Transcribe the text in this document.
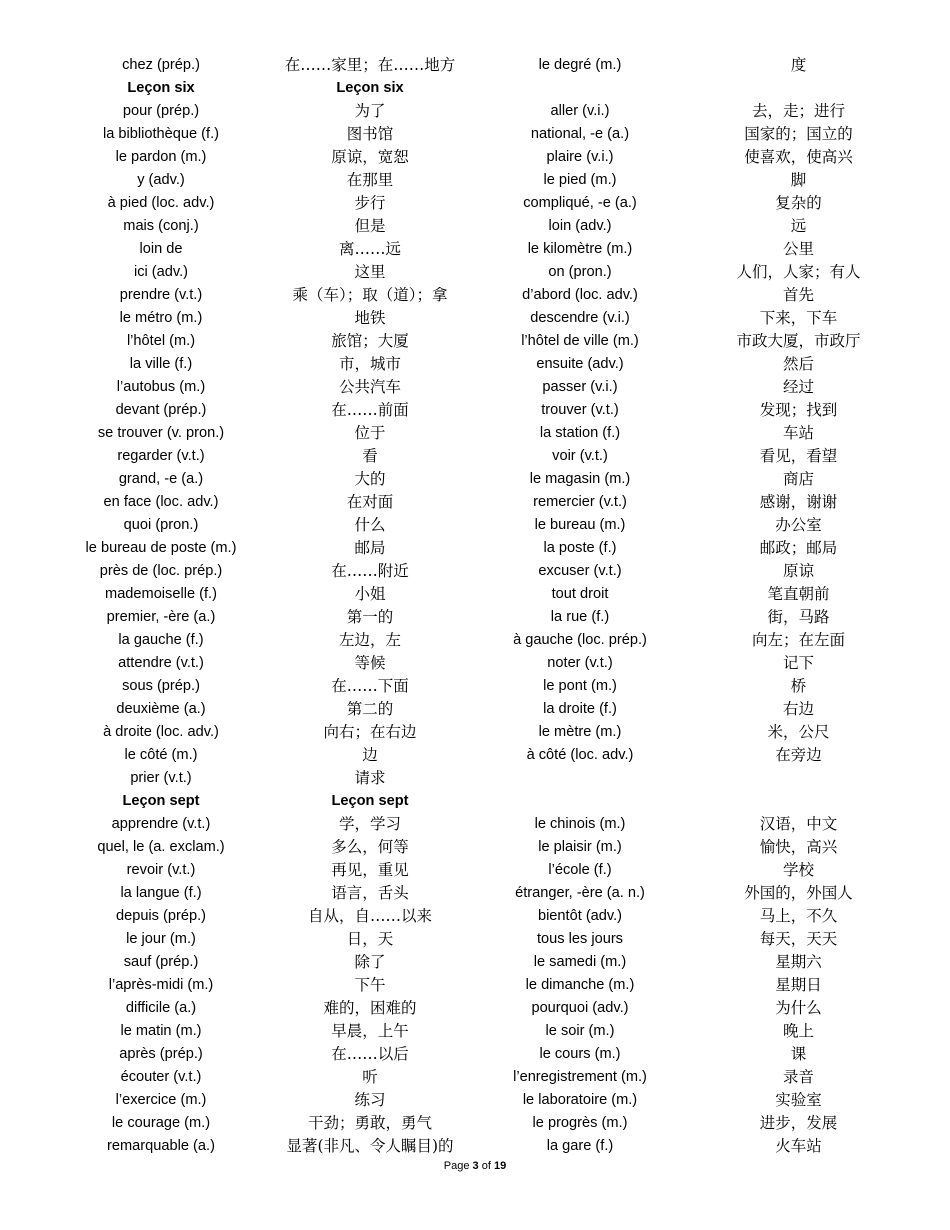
chez (prép.)	在……家里；在……地方	le degré (m.)	度
Leçon six	Leçon six
pour (prép.)	为了	aller (v.i.)	去，走；进行
la bibliothèque (f.)	图书馆	national, -e (a.)	国家的；国立的
le pardon (m.)	原谅，宽恕	plaire (v.i.)	使喜欢，使高兴
y (adv.)	在那里	le pied (m.)	脚
à pied (loc. adv.)	步行	compliqué, -e (a.)	复杂的
mais (conj.)	但是	loin (adv.)	远
loin de	离……远	le kilomètre (m.)	公里
ici (adv.)	这里	on (pron.)	人们，人家；有人
prendre (v.t.)	乘（车）；取（道）；拿	d’abord (loc. adv.)	首先
le métro (m.)	地铁	descendre (v.i.)	下来，下车
l’hôtel (m.)	旅馆；大厦	l’hôtel de ville (m.)	市政大厦，市政厅
la ville (f.)	市，城市	ensuite (adv.)	然后
l’autobus (m.)	公共汽车	passer (v.i.)	经过
devant (prép.)	在……前面	trouver (v.t.)	发现；找到
se trouver (v. pron.)	位于	la station (f.)	车站
regarder (v.t.)	看	voir (v.t.)	看见，看望
grand, -e (a.)	大的	le magasin (m.)	商店
en face (loc. adv.)	在对面	remercier (v.t.)	感谢，谢谢
quoi (pron.)	什么	le bureau (m.)	办公室
le bureau de poste (m.)	邮局	la poste (f.)	邮政；邮局
près de (loc. prép.)	在……附近	excuser (v.t.)	原谅
mademoiselle (f.)	小姐	tout droit	笔直朝前
premier, -ère (a.)	第一的	la rue (f.)	街，马路
la gauche (f.)	左边，左	à gauche (loc. prép.)	向左；在左面
attendre (v.t.)	等候	noter (v.t.)	记下
sous (prép.)	在……下面	le pont (m.)	桥
deuxième (a.)	第二的	la droite (f.)	右边
à droite (loc. adv.)	向右；在右边	le mètre (m.)	米，公尺
le côté (m.)	边	à côté (loc. adv.)	在旁边
prier (v.t.)	请求
Leçon sept	Leçon sept
apprendre (v.t.)	学，学习	le chinois (m.)	汉语，中文
quel, le (a. exclam.)	多么，何等	le plaisir (m.)	愉快，高兴
revoir (v.t.)	再见，重见	l’école (f.)	学校
la langue (f.)	语言，舌头	étranger, -ère (a. n.)	外国的，外国人
depuis (prép.)	自从，自……以来	bientôt (adv.)	马上，不久
le jour (m.)	日，天	tous les jours	每天，天天
sauf (prép.)	除了	le samedi (m.)	星期六
l’après-midi (m.)	下午	le dimanche (m.)	星期日
difficile (a.)	难的，困难的	pourquoi (adv.)	为什么
le matin (m.)	早晨，上午	le soir (m.)	晚上
après (prép.)	在……以后	le cours (m.)	课
écouter (v.t.)	听	l’enregistrement (m.)	录音
l’exercice (m.)	练习	le laboratoire (m.)	实验室
le courage (m.)	干劲；勇敢，勇气	le progrès (m.)	进步，发展
remarquable (a.)	显著(非凡、令人瞩目)的	la gare (f.)	火车站
Page 3 of 19
